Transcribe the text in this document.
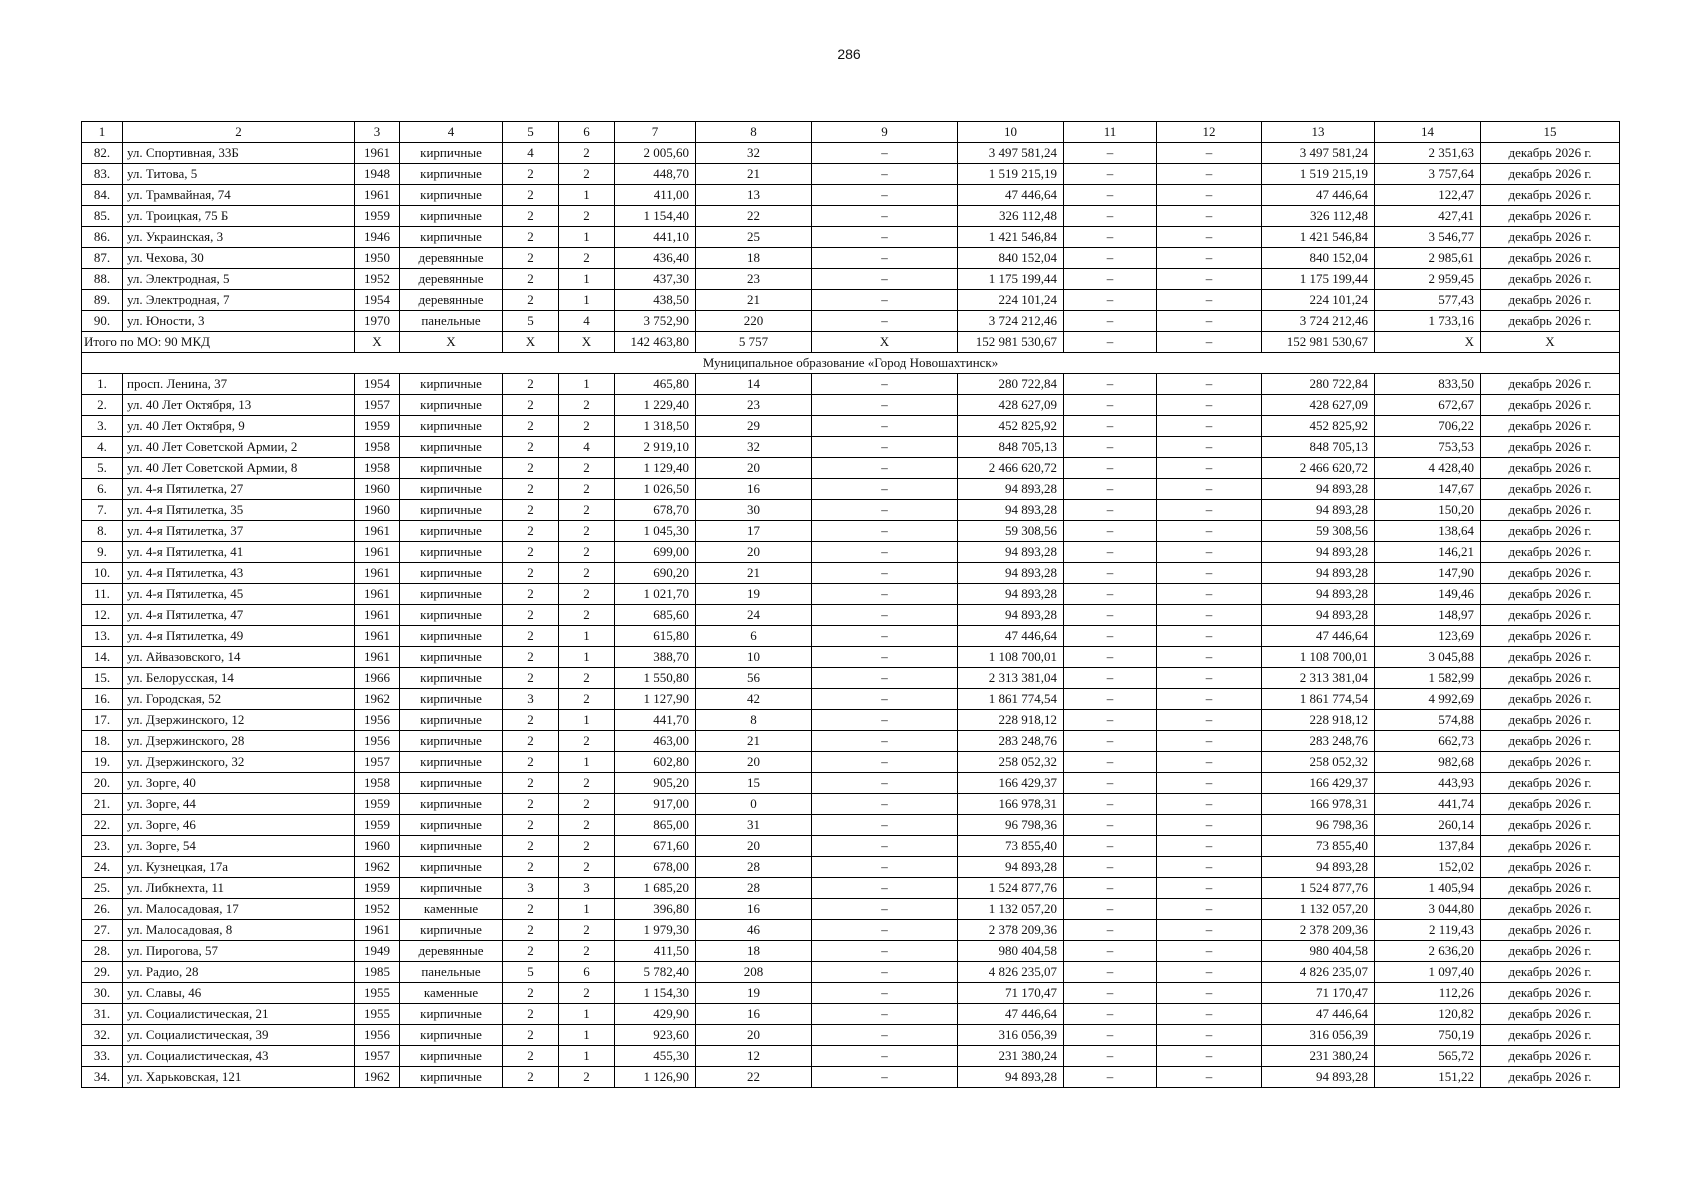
286
1	2	3	4	5	6	7	8	9	10	11	12	13	14	15
82.	ул. Спортивная, 33Б	1961	кирпичные	4	2	2 005,60	32	–	3 497 581,24	–	–	3 497 581,24	2 351,63	декабрь 2026 г.
83.	ул. Титова, 5	1948	кирпичные	2	2	448,70	21	–	1 519 215,19	–	–	1 519 215,19	3 757,64	декабрь 2026 г.
84.	ул. Трамвайная, 74	1961	кирпичные	2	1	411,00	13	–	47 446,64	–	–	47 446,64	122,47	декабрь 2026 г.
85.	ул. Троицкая, 75 Б	1959	кирпичные	2	2	1 154,40	22	–	326 112,48	–	–	326 112,48	427,41	декабрь 2026 г.
86.	ул. Украинская, 3	1946	кирпичные	2	1	441,10	25	–	1 421 546,84	–	–	1 421 546,84	3 546,77	декабрь 2026 г.
87.	ул. Чехова, 30	1950	деревянные	2	2	436,40	18	–	840 152,04	–	–	840 152,04	2 985,61	декабрь 2026 г.
88.	ул. Электродная, 5	1952	деревянные	2	1	437,30	23	–	1 175 199,44	–	–	1 175 199,44	2 959,45	декабрь 2026 г.
89.	ул. Электродная, 7	1954	деревянные	2	1	438,50	21	–	224 101,24	–	–	224 101,24	577,43	декабрь 2026 г.
90.	ул. Юности, 3	1970	панельные	5	4	3 752,90	220	–	3 724 212,46	–	–	3 724 212,46	1 733,16	декабрь 2026 г.
Итого по МО: 90 МКД		Х	Х	Х	Х	142 463,80	5 757	Х	152 981 530,67	–	–	152 981 530,67	Х	Х
Муниципальное образование «Город Новошахтинск»														
1.	просп. Ленина, 37	1954	кирпичные	2	1	465,80	14	–	280 722,84	–	–	280 722,84	833,50	декабрь 2026 г.
2.	ул. 40 Лет Октября, 13	1957	кирпичные	2	2	1 229,40	23	–	428 627,09	–	–	428 627,09	672,67	декабрь 2026 г.
3.	ул. 40 Лет Октября, 9	1959	кирпичные	2	2	1 318,50	29	–	452 825,92	–	–	452 825,92	706,22	декабрь 2026 г.
4.	ул. 40 Лет Советской Армии, 2	1958	кирпичные	2	4	2 919,10	32	–	848 705,13	–	–	848 705,13	753,53	декабрь 2026 г.
5.	ул. 40 Лет Советской Армии, 8	1958	кирпичные	2	2	1 129,40	20	–	2 466 620,72	–	–	2 466 620,72	4 428,40	декабрь 2026 г.
6.	ул. 4-я Пятилетка, 27	1960	кирпичные	2	2	1 026,50	16	–	94 893,28	–	–	94 893,28	147,67	декабрь 2026 г.
7.	ул. 4-я Пятилетка, 35	1960	кирпичные	2	2	678,70	30	–	94 893,28	–	–	94 893,28	150,20	декабрь 2026 г.
8.	ул. 4-я Пятилетка, 37	1961	кирпичные	2	2	1 045,30	17	–	59 308,56	–	–	59 308,56	138,64	декабрь 2026 г.
9.	ул. 4-я Пятилетка, 41	1961	кирпичные	2	2	699,00	20	–	94 893,28	–	–	94 893,28	146,21	декабрь 2026 г.
10.	ул. 4-я Пятилетка, 43	1961	кирпичные	2	2	690,20	21	–	94 893,28	–	–	94 893,28	147,90	декабрь 2026 г.
11.	ул. 4-я Пятилетка, 45	1961	кирпичные	2	2	1 021,70	19	–	94 893,28	–	–	94 893,28	149,46	декабрь 2026 г.
12.	ул. 4-я Пятилетка, 47	1961	кирпичные	2	2	685,60	24	–	94 893,28	–	–	94 893,28	148,97	декабрь 2026 г.
13.	ул. 4-я Пятилетка, 49	1961	кирпичные	2	1	615,80	6	–	47 446,64	–	–	47 446,64	123,69	декабрь 2026 г.
14.	ул. Айвазовского, 14	1961	кирпичные	2	1	388,70	10	–	1 108 700,01	–	–	1 108 700,01	3 045,88	декабрь 2026 г.
15.	ул. Белорусская, 14	1966	кирпичные	2	2	1 550,80	56	–	2 313 381,04	–	–	2 313 381,04	1 582,99	декабрь 2026 г.
16.	ул. Городская, 52	1962	кирпичные	3	2	1 127,90	42	–	1 861 774,54	–	–	1 861 774,54	4 992,69	декабрь 2026 г.
17.	ул. Дзержинского, 12	1956	кирпичные	2	1	441,70	8	–	228 918,12	–	–	228 918,12	574,88	декабрь 2026 г.
18.	ул. Дзержинского, 28	1956	кирпичные	2	2	463,00	21	–	283 248,76	–	–	283 248,76	662,73	декабрь 2026 г.
19.	ул. Дзержинского, 32	1957	кирпичные	2	1	602,80	20	–	258 052,32	–	–	258 052,32	982,68	декабрь 2026 г.
20.	ул. Зорге, 40	1958	кирпичные	2	2	905,20	15	–	166 429,37	–	–	166 429,37	443,93	декабрь 2026 г.
21.	ул. Зорге, 44	1959	кирпичные	2	2	917,00	0	–	166 978,31	–	–	166 978,31	441,74	декабрь 2026 г.
22.	ул. Зорге, 46	1959	кирпичные	2	2	865,00	31	–	96 798,36	–	–	96 798,36	260,14	декабрь 2026 г.
23.	ул. Зорге, 54	1960	кирпичные	2	2	671,60	20	–	73 855,40	–	–	73 855,40	137,84	декабрь 2026 г.
24.	ул. Кузнецкая, 17а	1962	кирпичные	2	2	678,00	28	–	94 893,28	–	–	94 893,28	152,02	декабрь 2026 г.
25.	ул. Либкнехта, 11	1959	кирпичные	3	3	1 685,20	28	–	1 524 877,76	–	–	1 524 877,76	1 405,94	декабрь 2026 г.
26.	ул. Малосадовая, 17	1952	каменные	2	1	396,80	16	–	1 132 057,20	–	–	1 132 057,20	3 044,80	декабрь 2026 г.
27.	ул. Малосадовая, 8	1961	кирпичные	2	2	1 979,30	46	–	2 378 209,36	–	–	2 378 209,36	2 119,43	декабрь 2026 г.
28.	ул. Пирогова, 57	1949	деревянные	2	2	411,50	18	–	980 404,58	–	–	980 404,58	2 636,20	декабрь 2026 г.
29.	ул. Радио, 28	1985	панельные	5	6	5 782,40	208	–	4 826 235,07	–	–	4 826 235,07	1 097,40	декабрь 2026 г.
30.	ул. Славы, 46	1955	каменные	2	2	1 154,30	19	–	71 170,47	–	–	71 170,47	112,26	декабрь 2026 г.
31.	ул. Социалистическая, 21	1955	кирпичные	2	1	429,90	16	–	47 446,64	–	–	47 446,64	120,82	декабрь 2026 г.
32.	ул. Социалистическая, 39	1956	кирпичные	2	1	923,60	20	–	316 056,39	–	–	316 056,39	750,19	декабрь 2026 г.
33.	ул. Социалистическая, 43	1957	кирпичные	2	1	455,30	12	–	231 380,24	–	–	231 380,24	565,72	декабрь 2026 г.
34.	ул. Харьковская, 121	1962	кирпичные	2	2	1 126,90	22	–	94 893,28	–	–	94 893,28	151,22	декабрь 2026 г.
